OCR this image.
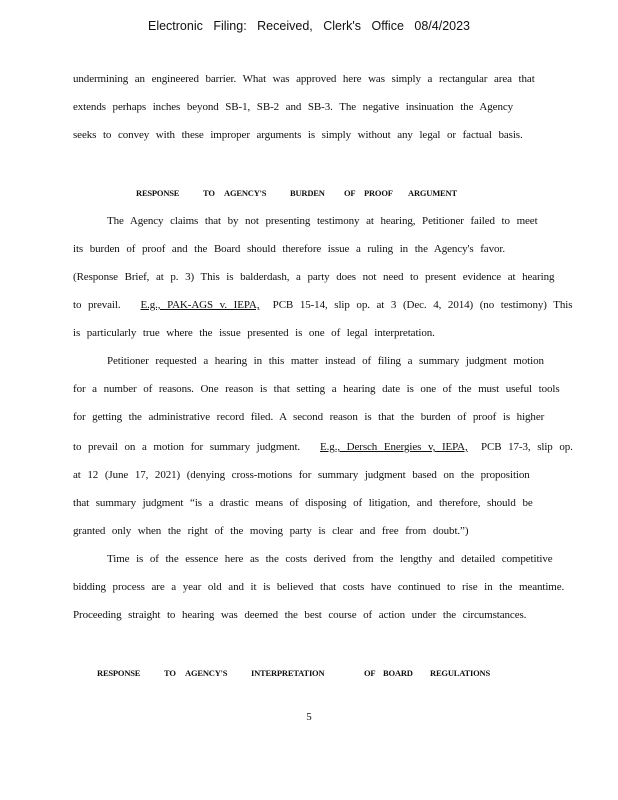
Electronic Filing: Received, Clerk's Office 08/4/2023
undermining an engineered barrier. What was approved here was simply a rectangular area that
extends perhaps inches beyond SB-1, SB-2 and SB-3. The negative insinuation the Agency
seeks to convey with these improper arguments is simply without any legal or factual basis.
RESPONSE	TO AGENCY'S	BURDEN OF PROOF ARGUMENT
The Agency claims that by not presenting testimony at hearing, Petitioner failed to meet
its burden of proof and the Board should therefore issue a ruling in the Agency's favor.
(Response Brief, at p. 3) This is balderdash, a party does not need to present evidence at hearing
to prevail. E.g., PAK-AGS v. IEPA, PCB 15-14, slip op. at 3 (Dec. 4, 2014) (no testimony) This
is particularly true where the issue presented is one of legal interpretation.
Petitioner requested a hearing in this matter instead of filing a summary judgment motion
for a number of reasons. One reason is that setting a hearing date is one of the must useful tools
for getting the administrative record filed. A second reason is that the burden of proof is higher
to prevail on a motion for summary judgment. E.g., Dersch Energies v, IEPA, PCB 17-3, slip op.
at 12 (June 17, 2021) (denying cross-motions for summary judgment based on the proposition
that summary judgment “is a drastic means of disposing of litigation, and therefore, should be
granted only when the right of the moving party is clear and free from doubt.”)
Time is of the essence here as the costs derived from the lengthy and detailed competitive
bidding process are a year old and it is believed that costs have continued to rise in the meantime.
Proceeding straight to hearing was deemed the best course of action under the circumstances.
RESPONSE	TO AGENCY'S	INTERPRETATION	OF BOARD REGULATIONS
5
